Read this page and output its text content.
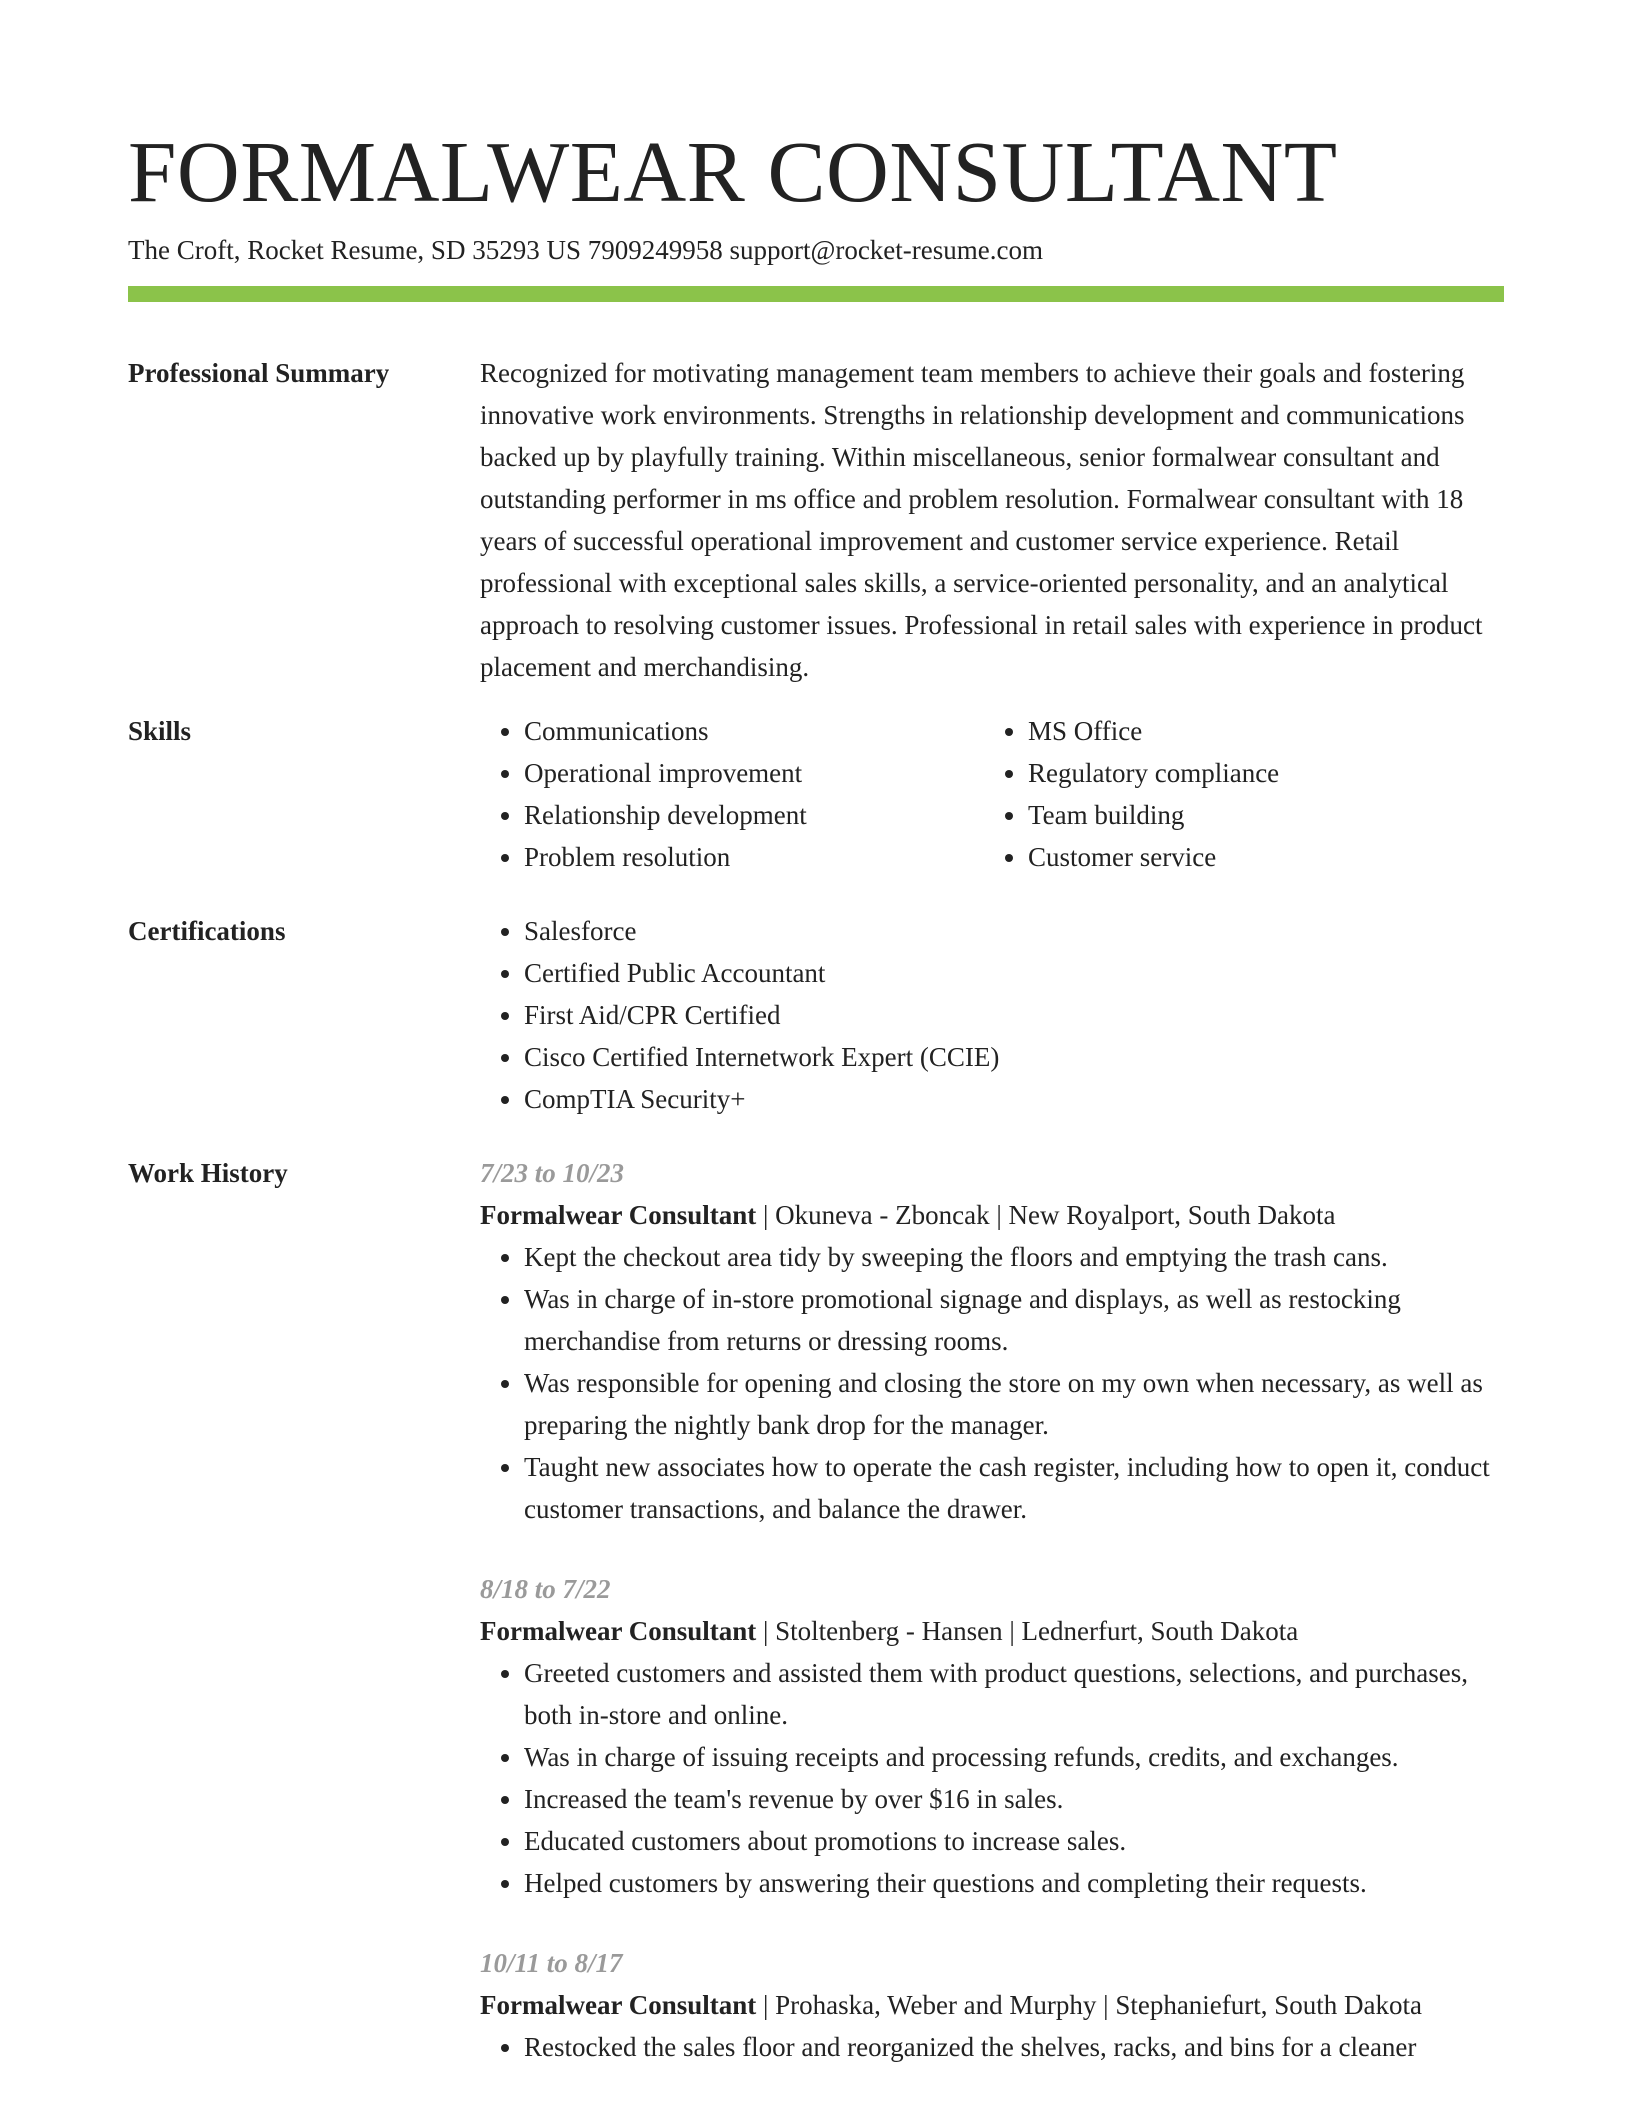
FORMALWEAR CONSULTANT
The Croft, Rocket Resume, SD 35293 US 7909249958 support@rocket-resume.com
Professional Summary	Recognized for motivating management team members to achieve their goals and fostering innovative work environments. Strengths in relationship development and communications backed up by playfully training. Within miscellaneous, senior formalwear consultant and outstanding performer in ms office and problem resolution. Formalwear consultant with 18 years of successful operational improvement and customer service experience. Retail professional with exceptional sales skills, a service-oriented personality, and an analytical approach to resolving customer issues. Professional in retail sales with experience in product placement and merchandising.

Skills	• Communications
• Operational improvement
• Relationship development
• Problem resolution
• MS Office
• Regulatory compliance
• Team building
• Customer service
Certifications	• Salesforce
• Certified Public Accountant
• First Aid/CPR Certified
• Cisco Certified Internetwork Expert (CCIE)
• CompTIA Security+
Work History	7/23 to 10/23
Formalwear Consultant | Okuneva - Zboncak | New Royalport, South Dakota
• Kept the checkout area tidy by sweeping the floors and emptying the trash cans.
• Was in charge of in-store promotional signage and displays, as well as restocking merchandise from returns or dressing rooms.
• Was responsible for opening and closing the store on my own when necessary, as well as preparing the nightly bank drop for the manager.
• Taught new associates how to operate the cash register, including how to open it, conduct customer transactions, and balance the drawer.
8/18 to 7/22
Formalwear Consultant | Stoltenberg - Hansen | Lednerfurt, South Dakota
• Greeted customers and assisted them with product questions, selections, and purchases, both in-store and online.
• Was in charge of issuing receipts and processing refunds, credits, and exchanges.
• Increased the team's revenue by over $16 in sales.
• Educated customers about promotions to increase sales.
• Helped customers by answering their questions and completing their requests.
10/11 to 8/17
Formalwear Consultant | Prohaska, Weber and Murphy | Stephaniefurt, South Dakota
• Restocked the sales floor and reorganized the shelves, racks, and bins for a cleaner
